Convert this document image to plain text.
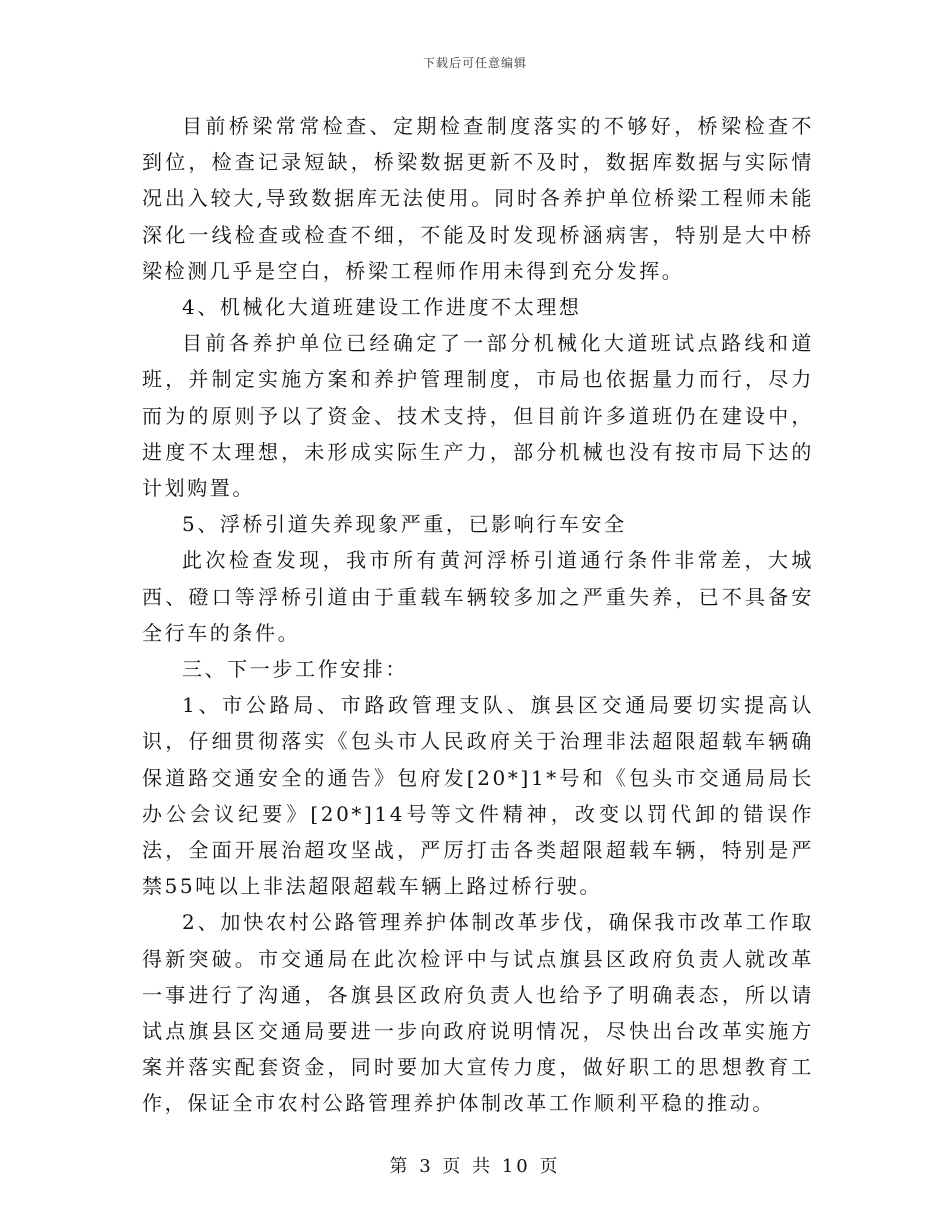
下载后可任意编辑

目前桥梁常常检查、定期检查制度落实的不够好，桥梁检查不到位，检查记录短缺，桥梁数据更新不及时，数据库数据与实际情况出入较大,导致数据库无法使用。同时各养护单位桥梁工程师未能深化一线检查或检查不细，不能及时发现桥涵病害，特别是大中桥梁检测几乎是空白，桥梁工程师作用未得到充分发挥。

4、机械化大道班建设工作进度不太理想

目前各养护单位已经确定了一部分机械化大道班试点路线和道班，并制定实施方案和养护管理制度，市局也依据量力而行，尽力而为的原则予以了资金、技术支持，但目前许多道班仍在建设中，进度不太理想，未形成实际生产力，部分机械也没有按市局下达的计划购置。

5、浮桥引道失养现象严重，已影响行车安全

此次检查发现，我市所有黄河浮桥引道通行条件非常差，大城西、磴口等浮桥引道由于重载车辆较多加之严重失养，已不具备安全行车的条件。

三、下一步工作安排：

1、市公路局、市路政管理支队、旗县区交通局要切实提高认识，仔细贯彻落实《包头市人民政府关于治理非法超限超载车辆确保道路交通安全的通告》包府发[20*]1*号和《包头市交通局局长办公会议纪要》[20*]14号等文件精神，改变以罚代卸的错误作法，全面开展治超攻坚战，严厉打击各类超限超载车辆，特别是严禁55吨以上非法超限超载车辆上路过桥行驶。

2、加快农村公路管理养护体制改革步伐，确保我市改革工作取得新突破。市交通局在此次检评中与试点旗县区政府负责人就改革一事进行了沟通，各旗县区政府负责人也给予了明确表态，所以请试点旗县区交通局要进一步向政府说明情况，尽快出台改革实施方案并落实配套资金，同时要加大宣传力度，做好职工的思想教育工作，保证全市农村公路管理养护体制改革工作顺利平稳的推动。

第 3 页 共 10 页
